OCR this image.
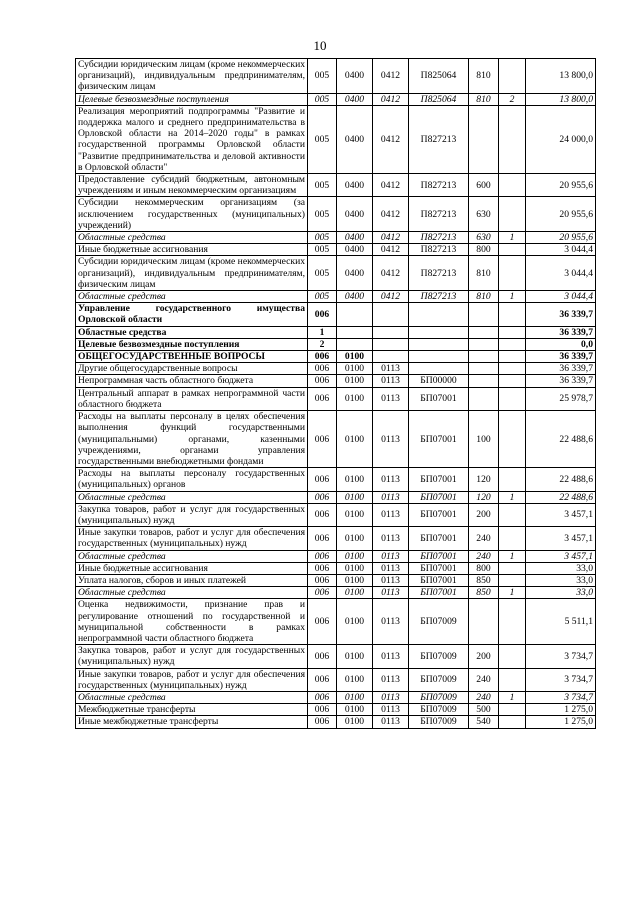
10
Субсидии юридическим лицам (кроме некоммерческих организаций), индивидуальным предпринимателям, физическим лицам	005	0400	0412	П825064	810		13 800,0
Целевые безвозмездные поступления	005	0400	0412	П825064	810	2	13 800,0
Реализация мероприятий подпрограммы "Развитие и поддержка малого и среднего предпринимательства в Орловской области на 2014–2020 годы" в рамках государственной программы Орловской области "Развитие предпринимательства и деловой активности в Орловской области"	005	0400	0412	П827213			24 000,0
Предоставление субсидий бюджетным, автономным учреждениям и иным некоммерческим организациям	005	0400	0412	П827213	600		20 955,6
Субсидии некоммерческим организациям (за исключением государственных (муниципальных) учреждений)	005	0400	0412	П827213	630		20 955,6
Областные средства	005	0400	0412	П827213	630	1	20 955,6
Иные бюджетные ассигнования	005	0400	0412	П827213	800		3 044,4
Субсидии юридическим лицам (кроме некоммерческих организаций), индивидуальным предпринимателям, физическим лицам	005	0400	0412	П827213	810		3 044,4
Областные средства	005	0400	0412	П827213	810	1	3 044,4
Управление государственного имущества Орловской области	006						36 339,7
Областные средства	1						36 339,7
Целевые безвозмездные поступления	2						0,0
ОБЩЕГОСУДАРСТВЕННЫЕ ВОПРОСЫ	006	0100					36 339,7
Другие общегосударственные вопросы	006	0100	0113				36 339,7
Непрограммная часть областного бюджета	006	0100	0113	БП00000			36 339,7
Центральный аппарат в рамках непрограммной части областного бюджета	006	0100	0113	БП07001			25 978,7
Расходы на выплаты персоналу в целях обеспечения выполнения функций государственными (муниципальными) органами, казенными учреждениями, органами управления государственными внебюджетными фондами	006	0100	0113	БП07001	100		22 488,6
Расходы на выплаты персоналу государственных (муниципальных) органов	006	0100	0113	БП07001	120		22 488,6
Областные средства	006	0100	0113	БП07001	120	1	22 488,6
Закупка товаров, работ и услуг для государственных (муниципальных) нужд	006	0100	0113	БП07001	200		3 457,1
Иные закупки товаров, работ и услуг для обеспечения государственных (муниципальных) нужд	006	0100	0113	БП07001	240		3 457,1
Областные средства	006	0100	0113	БП07001	240	1	3 457,1
Иные бюджетные ассигнования	006	0100	0113	БП07001	800		33,0
Уплата налогов, сборов и иных платежей	006	0100	0113	БП07001	850		33,0
Областные средства	006	0100	0113	БП07001	850	1	33,0
Оценка недвижимости, признание прав и регулирование отношений по государственной и муниципальной собственности в рамках непрограммной части областного бюджета	006	0100	0113	БП07009			5 511,1
Закупка товаров, работ и услуг для государственных (муниципальных) нужд	006	0100	0113	БП07009	200		3 734,7
Иные закупки товаров, работ и услуг для обеспечения государственных (муниципальных) нужд	006	0100	0113	БП07009	240		3 734,7
Областные средства	006	0100	0113	БП07009	240	1	3 734,7
Межбюджетные трансферты	006	0100	0113	БП07009	500		1 275,0
Иные межбюджетные трансферты	006	0100	0113	БП07009	540		1 275,0
